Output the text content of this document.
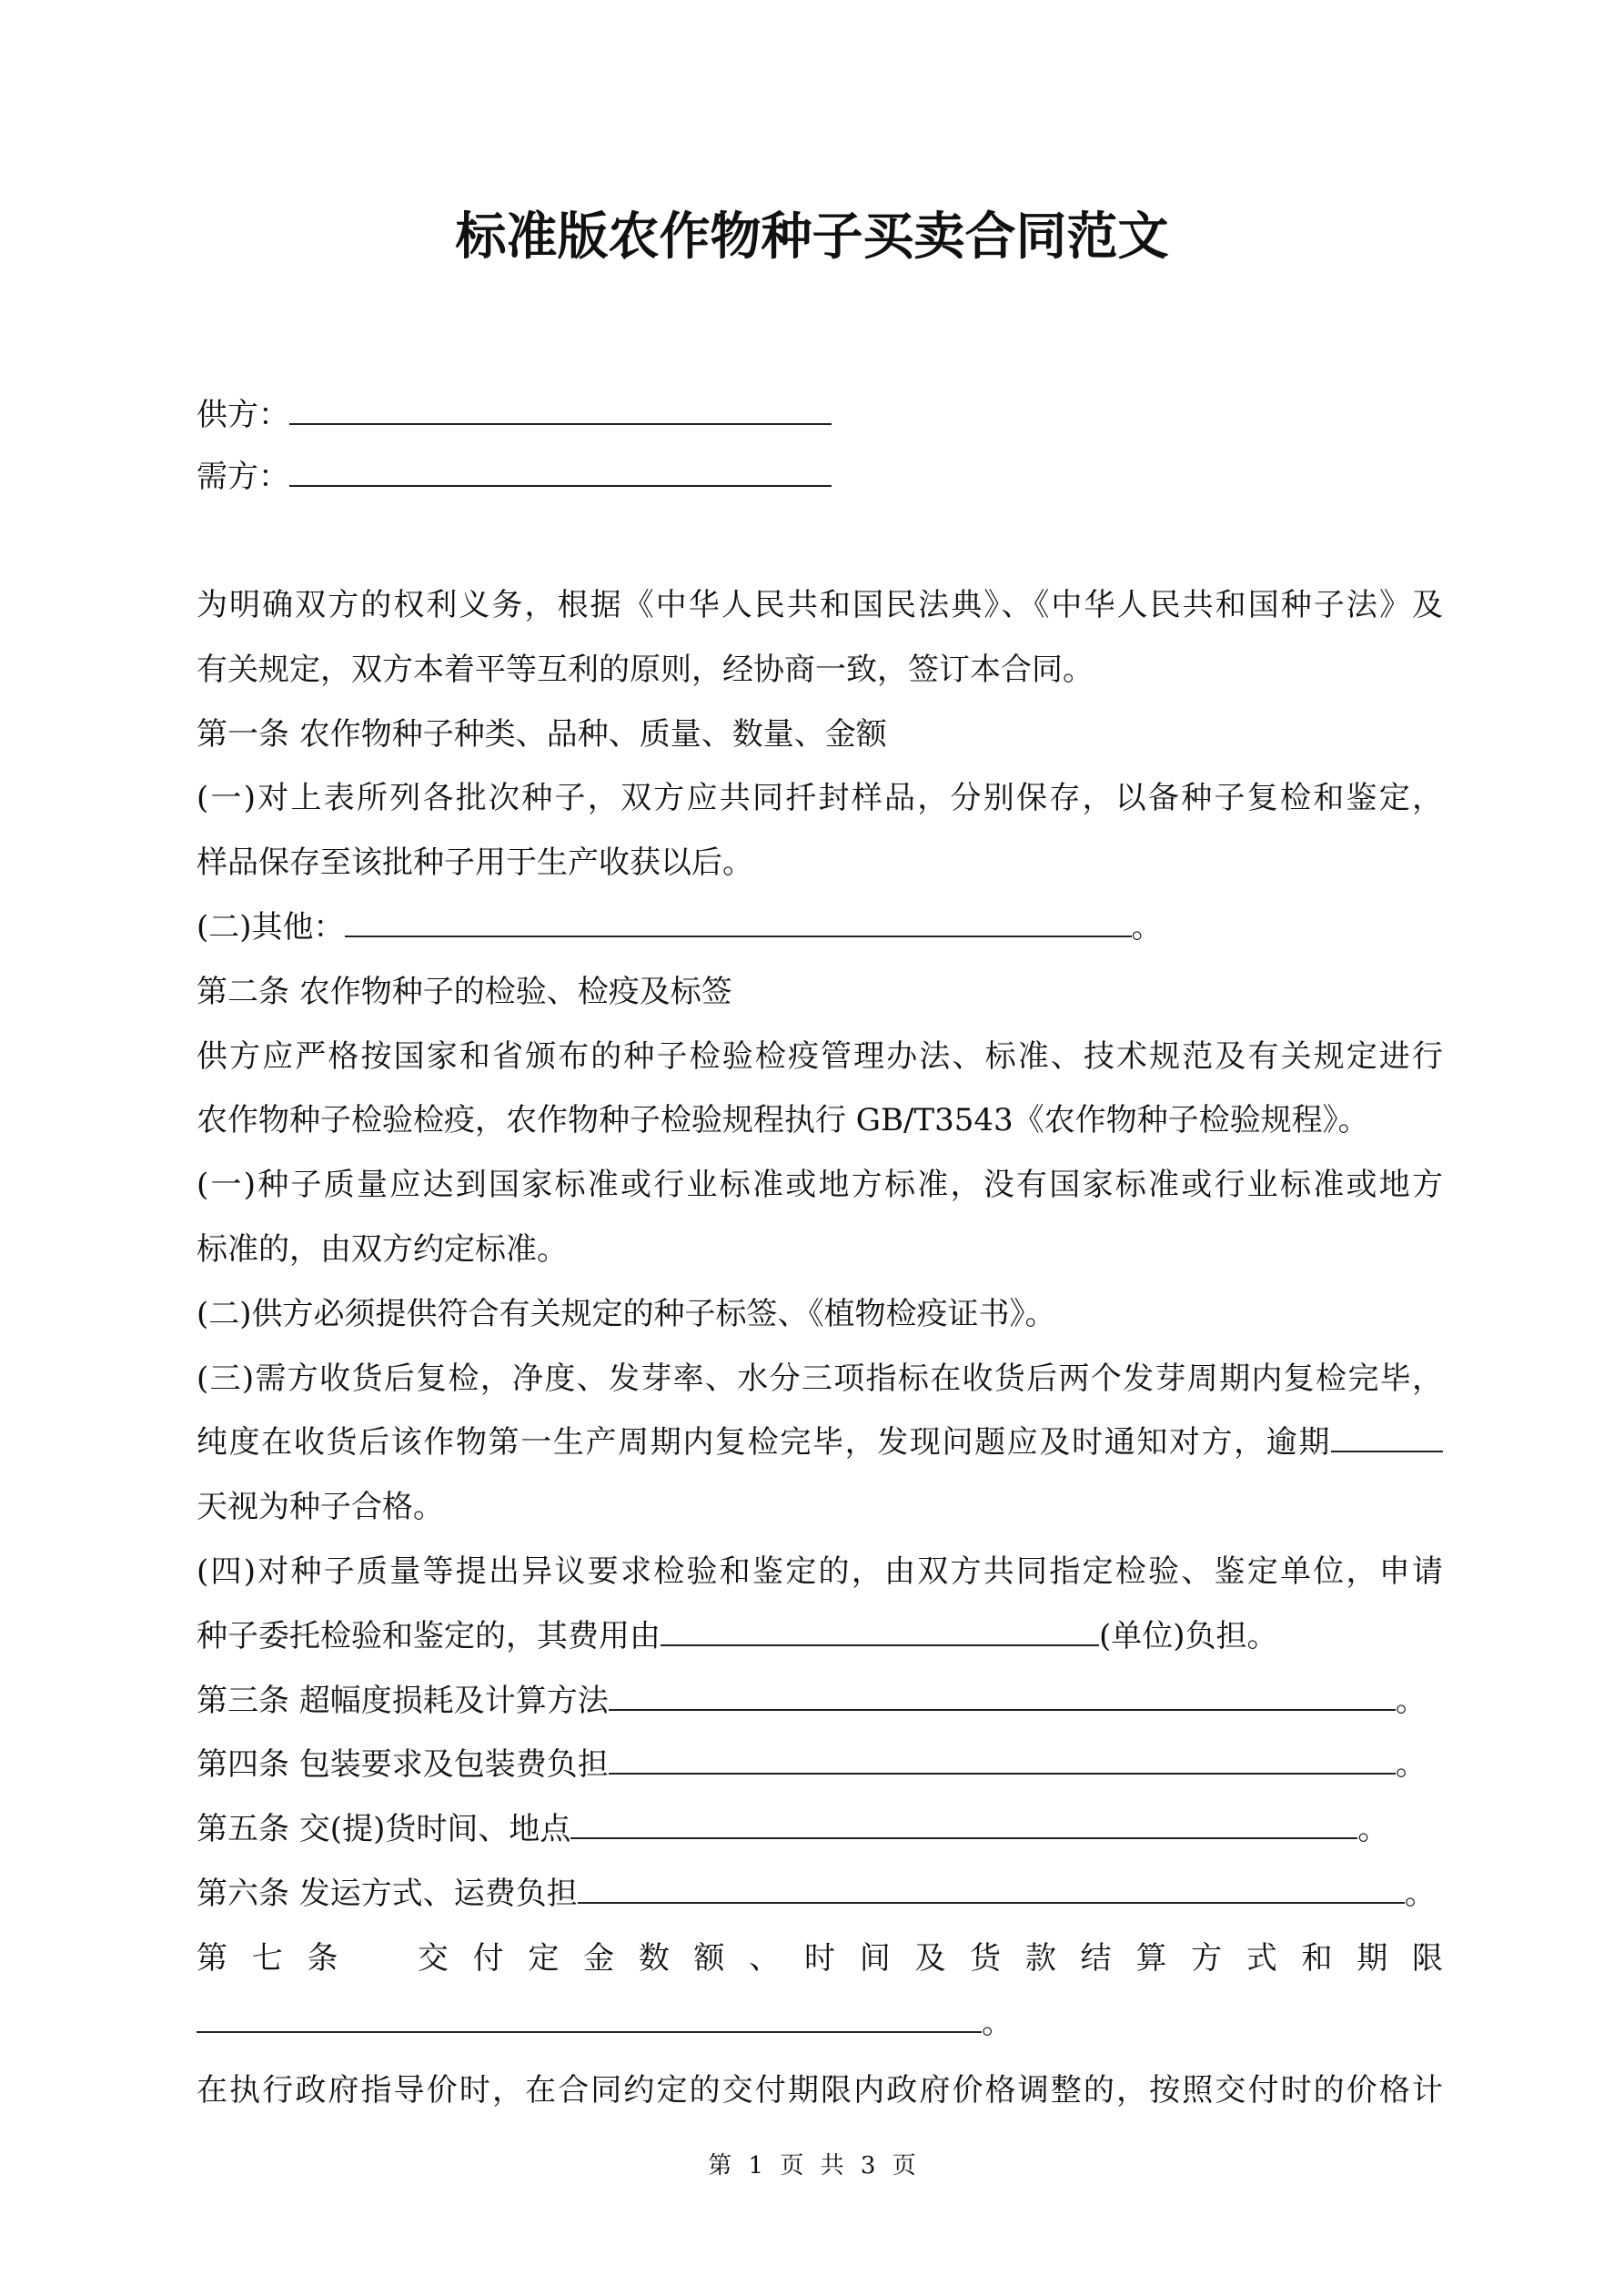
标准版农作物种子买卖合同范文
供方：
需方：
为明确双方的权利义务，根据《中华人民共和国民法典》、《中华人民共和国种子法》及
有关规定，双方本着平等互利的原则，经协商一致，签订本合同。
第一条 农作物种子种类、品种、质量、数量、金额
(一)对上表所列各批次种子，双方应共同扦封样品，分别保存，以备种子复检和鉴定，
样品保存至该批种子用于生产收获以后。
(二)其他：	。
第二条 农作物种子的检验、检疫及标签
供方应严格按国家和省颁布的种子检验检疫管理办法、标准、技术规范及有关规定进行
农作物种子检验检疫，农作物种子检验规程执行 GB/T3543《农作物种子检验规程》。
(一)种子质量应达到国家标准或行业标准或地方标准，没有国家标准或行业标准或地方
标准的，由双方约定标准。
(二)供方必须提供符合有关规定的种子标签、《植物检疫证书》。
(三)需方收货后复检，净度、发芽率、水分三项指标在收货后两个发芽周期内复检完毕，
纯度在收货后该作物第一生产周期内复检完毕，发现问题应及时通知对方，逾期
天视为种子合格。
(四)对种子质量等提出异议要求检验和鉴定的，由双方共同指定检验、鉴定单位，申请
种子委托检验和鉴定的，其费用由	(单位)负担。
第三条 超幅度损耗及计算方法	。
第四条 包装要求及包装费负担	。
第五条 交(提)货时间、地点	。
第六条 发运方式、运费负担	。
第七条　交付定金数额、时间及货款结算方式和期限
。
在执行政府指导价时，在合同约定的交付期限内政府价格调整的，按照交付时的价格计
第 1 页 共 3 页
